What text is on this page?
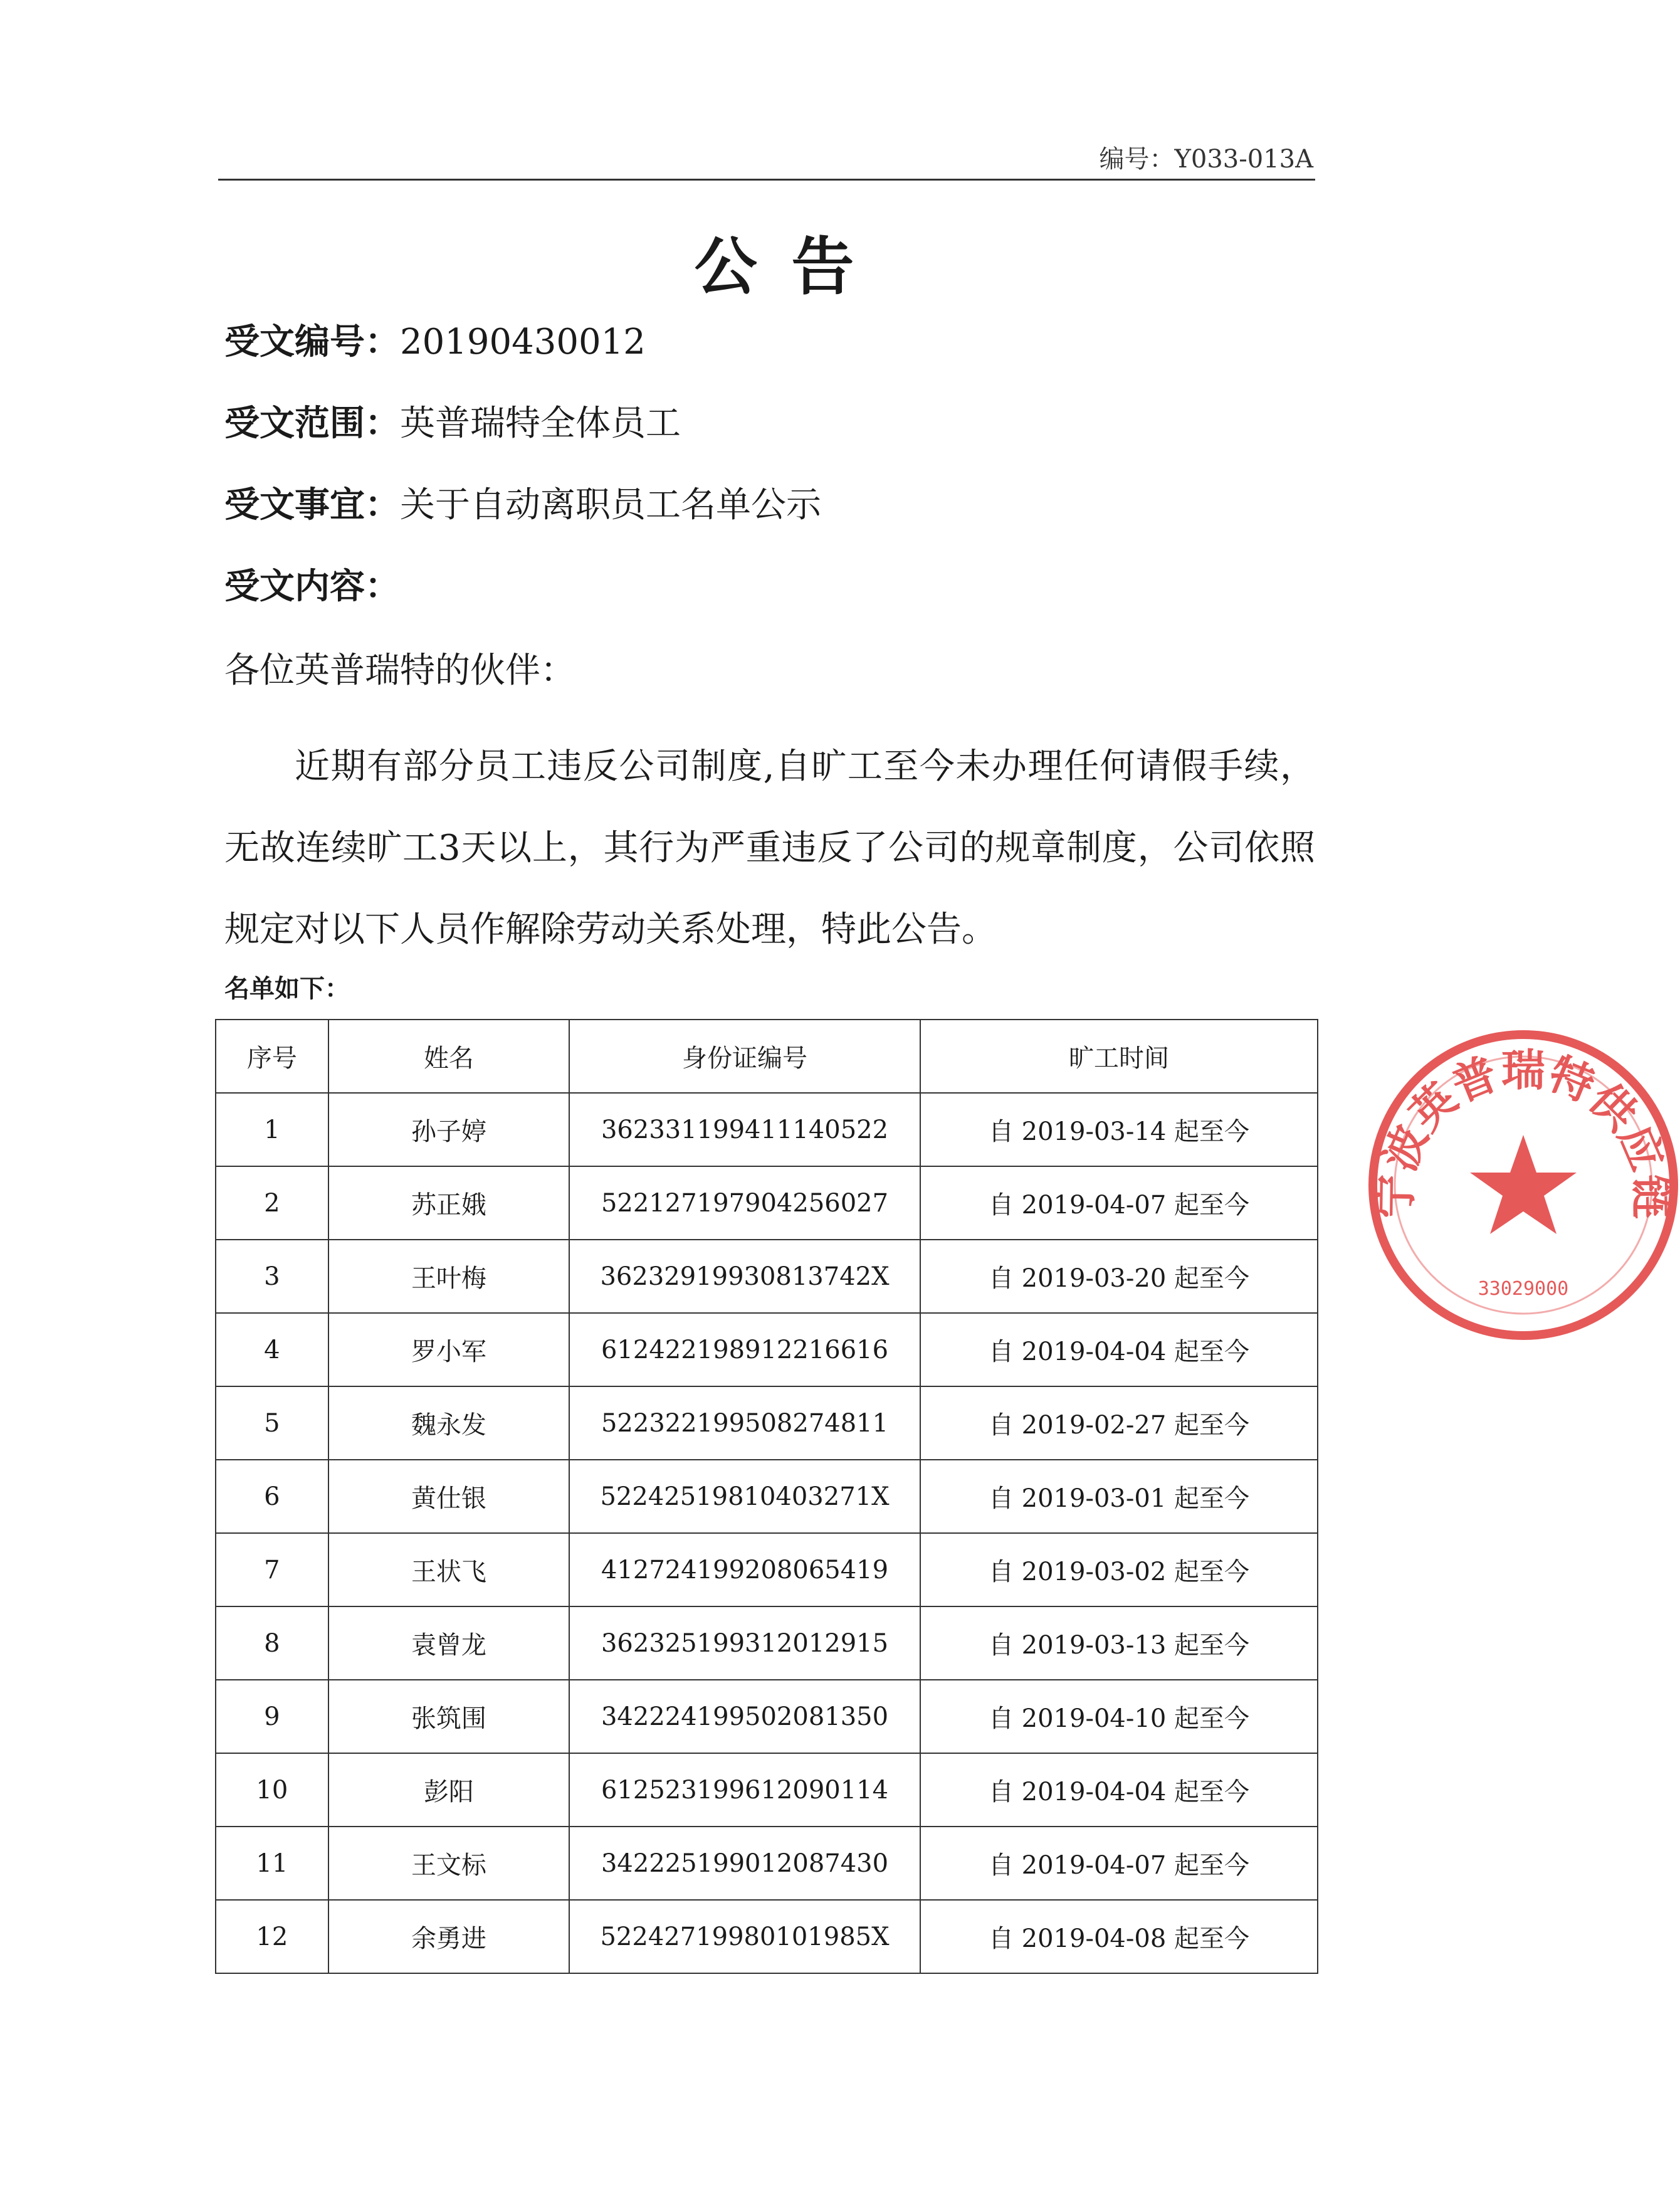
编号：Y033-013A
公 告
受文编号：20190430012
受文范围：英普瑞特全体员工
受文事宜：关于自动离职员工名单公示
受文内容：
各位英普瑞特的伙伴：
近期有部分员工违反公司制度,自旷工至今未办理任何请假手续，无故连续旷工3天以上，其行为严重违反了公司的规章制度，公司依照规定对以下人员作解除劳动关系处理，特此公告。
名单如下：
序号	姓名	身份证编号	旷工时间
1	孙子婷	362331199411140522	自 2019-03-14 起至今
2	苏正娥	522127197904256027	自 2019-04-07 起至今
3	王叶梅	36232919930813742X	自 2019-03-20 起至今
4	罗小军	612422198912216616	自 2019-04-04 起至今
5	魏永发	522322199508274811	自 2019-02-27 起至今
6	黄仕银	52242519810403271X	自 2019-03-01 起至今
7	王状飞	412724199208065419	自 2019-03-02 起至今
8	袁曾龙	362325199312012915	自 2019-03-13 起至今
9	张筑围	342224199502081350	自 2019-04-10 起至今
10	彭阳	612523199612090114	自 2019-04-04 起至今
11	王文标	342225199012087430	自 2019-04-07 起至今
12	余勇进	52242719980101985X	自 2019-04-08 起至今
宁波英普瑞特供应链
33029000
